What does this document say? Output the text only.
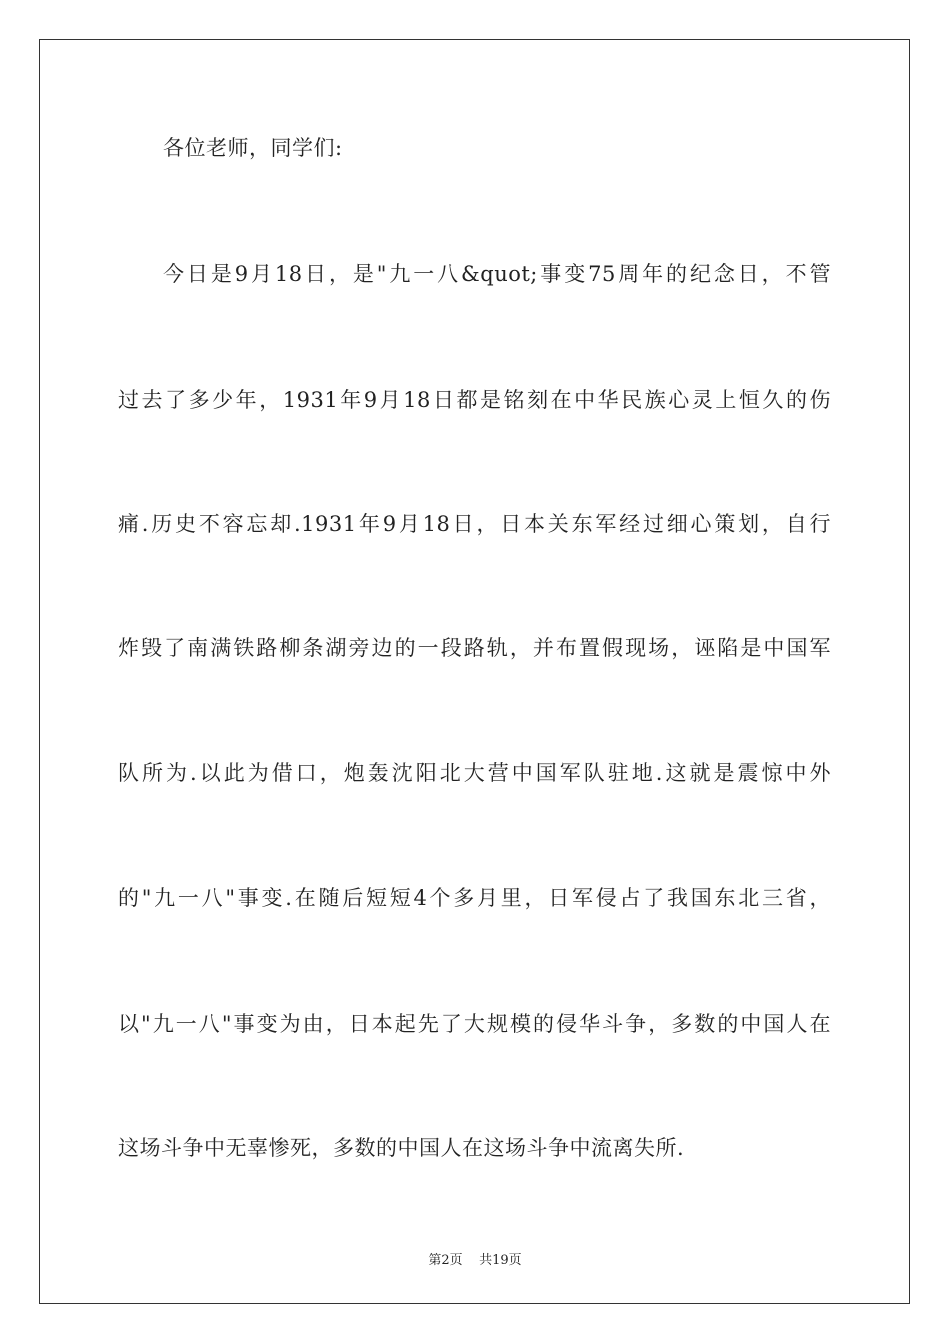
各位老师，同学们:
今日是9月18日，是"九一八&quot;事变75周年的纪念日，不管
过去了多少年，1931年9月18日都是铭刻在中华民族心灵上恒久的伤
痛.历史不容忘却.1931年9月18日，日本关东军经过细心策划，自行
炸毁了南满铁路柳条湖旁边的一段路轨，并布置假现场，诬陷是中国军
队所为.以此为借口，炮轰沈阳北大营中国军队驻地.这就是震惊中外
的"九一八"事变.在随后短短4个多月里，日军侵占了我国东北三省，
以"九一八"事变为由，日本起先了大规模的侵华斗争，多数的中国人在
这场斗争中无辜惨死，多数的中国人在这场斗争中流离失所.
第2页    共19页
